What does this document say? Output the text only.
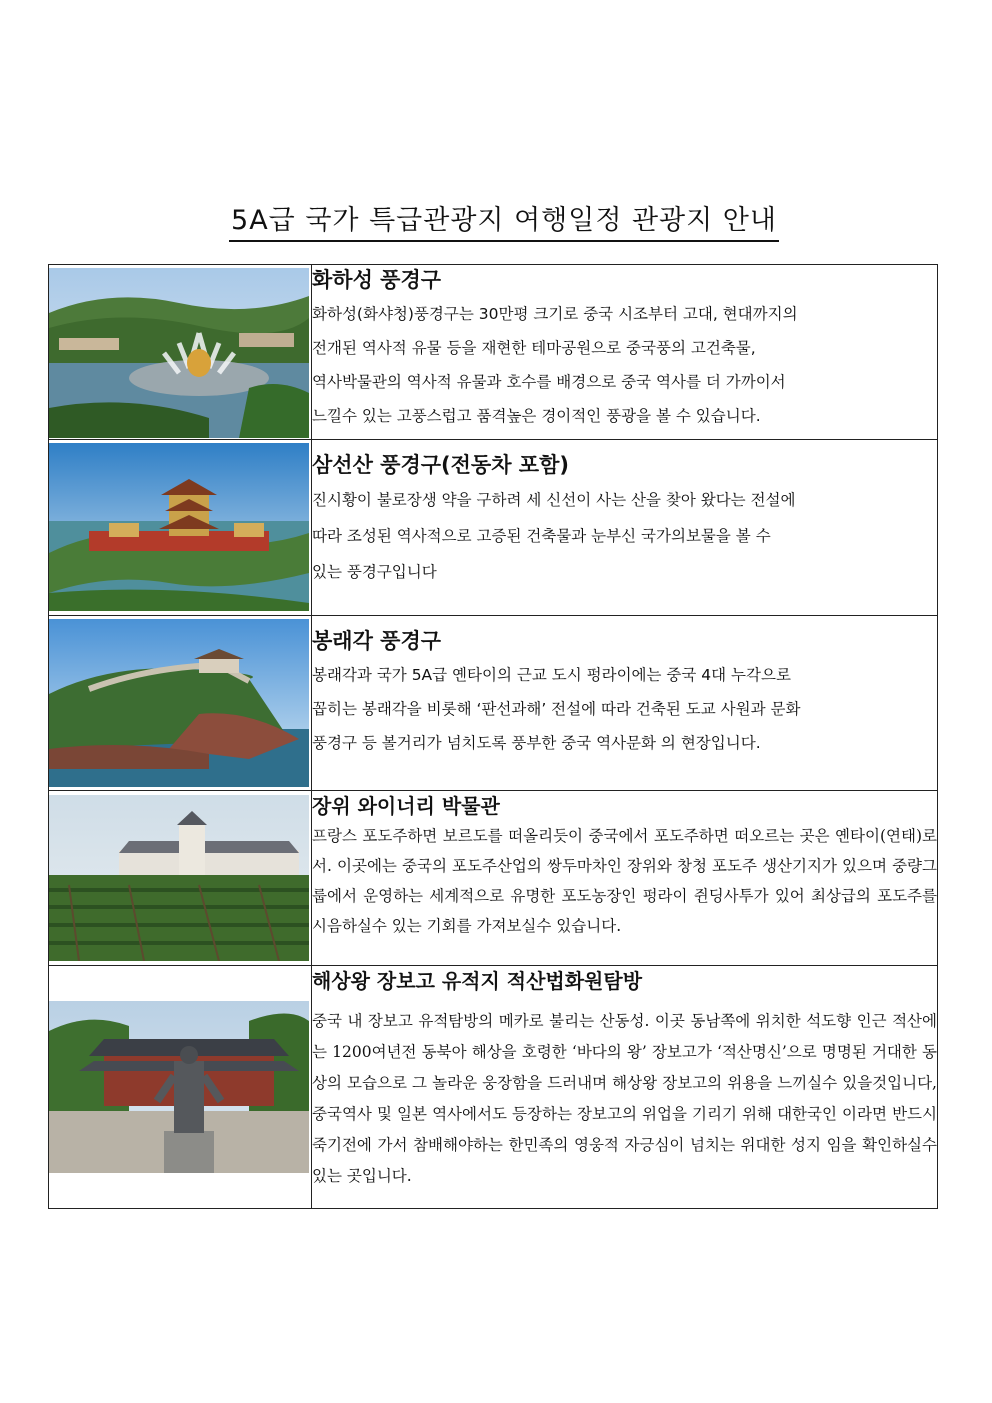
5A급 국가 특급관광지 여행일정 관광지 안내

화하성 풍경구

화하성(화샤청)풍경구는 30만평 크기로 중국 시조부터 고대, 현대까지의
전개된 역사적 유물 등을 재현한 테마공원으로 중국풍의 고건축물,
역사박물관의 역사적 유물과 호수를 배경으로 중국 역사를 더 가까이서
느낄수 있는 고풍스럽고 품격높은 경이적인 풍광을 볼 수 있습니다.

삼선산 풍경구(전동차 포함)

진시황이 불로장생 약을 구하려 세 신선이 사는 산을 찾아 왔다는 전설에
따라 조성된 역사적으로 고증된 건축물과 눈부신 국가의보물을 볼 수
있는 풍경구입니다

봉래각 풍경구

봉래각과 국가 5A급 옌타이의 근교 도시 펑라이에는 중국 4대 누각으로
꼽히는 봉래각을 비롯해 ‘판선과해’ 전설에 따라 건축된 도교 사원과 문화
풍경구 등 볼거리가 넘치도록 풍부한 중국 역사문화 의 현장입니다.

장위 와이너리 박물관

프랑스 포도주하면 보르도를 떠올리듯이 중국에서 포도주하면 떠오르는 곳은 옌타이(연태)로서. 이곳에는 중국의 포도주산업의 쌍두마차인 장위와 창청 포도주 생산기지가 있으며 중량그룹에서 운영하는 세계적으로 유명한 포도농장인 펑라이 쥔딩사투가 있어 최상급의 포도주를 시음하실수 있는 기회를 가져보실수 있습니다.

해상왕 장보고 유적지 적산법화원탐방

중국 내 장보고 유적탐방의 메카로 불리는 산동성. 이곳 동남쪽에 위치한 석도향 인근 적산에는 1200여년전 동북아 해상을 호령한 ‘바다의 왕’ 장보고가 ‘적산명신’으로 명명된 거대한 동상의 모습으로 그 놀라운 웅장함을 드러내며 해상왕 장보고의 위용을 느끼실수 있을것입니다, 중국역사 및 일본 역사에서도 등장하는 장보고의 위업을 기리기 위해 대한국인 이라면 반드시 죽기전에 가서 참배해야하는 한민족의 영웅적 자긍심이 넘치는 위대한 성지 임을 확인하실수 있는 곳입니다.
